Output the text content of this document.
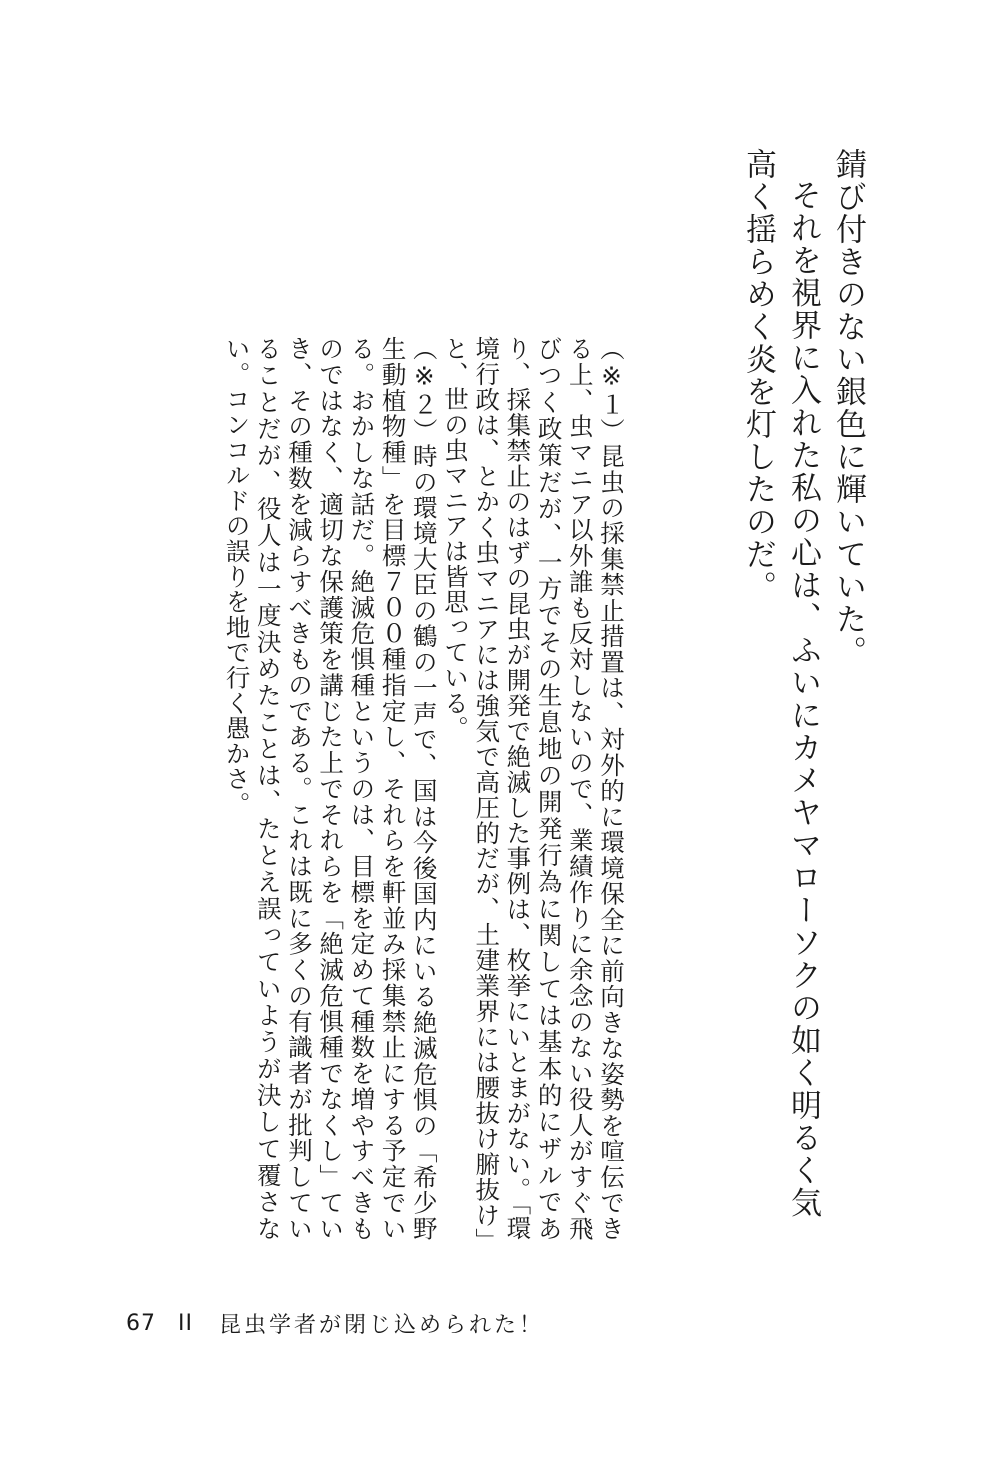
錆び付きのない銀色に輝いていた。

それを視界に入れた私の心は、ふいにカメヤマローソクの如く明るく気高く揺らめく炎を灯したのだ。

（※１）昆虫の採集禁止措置は、対外的に環境保全に前向きな姿勢を喧伝できる上、虫マニア以外誰も反対しないので、業績作りに余念のない役人がすぐ飛びつく政策だが、一方でその生息地の開発行為に関しては基本的にザルであり、採集禁止のはずの昆虫が開発で絶滅した事例は、枚挙にいとまがない。「環境行政は、とかく虫マニアには強気で高圧的だが、土建業界には腰抜け腑抜け」と、世の虫マニアは皆思っている。

（※２）時の環境大臣の鶴の一声で、国は今後国内にいる絶滅危惧の「希少野生動植物種」を目標７００種指定し、それらを軒並み採集禁止にする予定でいる。おかしな話だ。絶滅危惧種というのは、目標を定めて種数を増やすべきものではなく、適切な保護策を講じた上でそれらを「絶滅危惧種でなくし」ていき、その種数を減らすべきものである。これは既に多くの有識者が批判していることだが、役人は一度決めたことは、たとえ誤っていようが決して覆さない。コンコルドの誤りを地で行く愚かさ。

67 II 昆虫学者が閉じ込められた！
